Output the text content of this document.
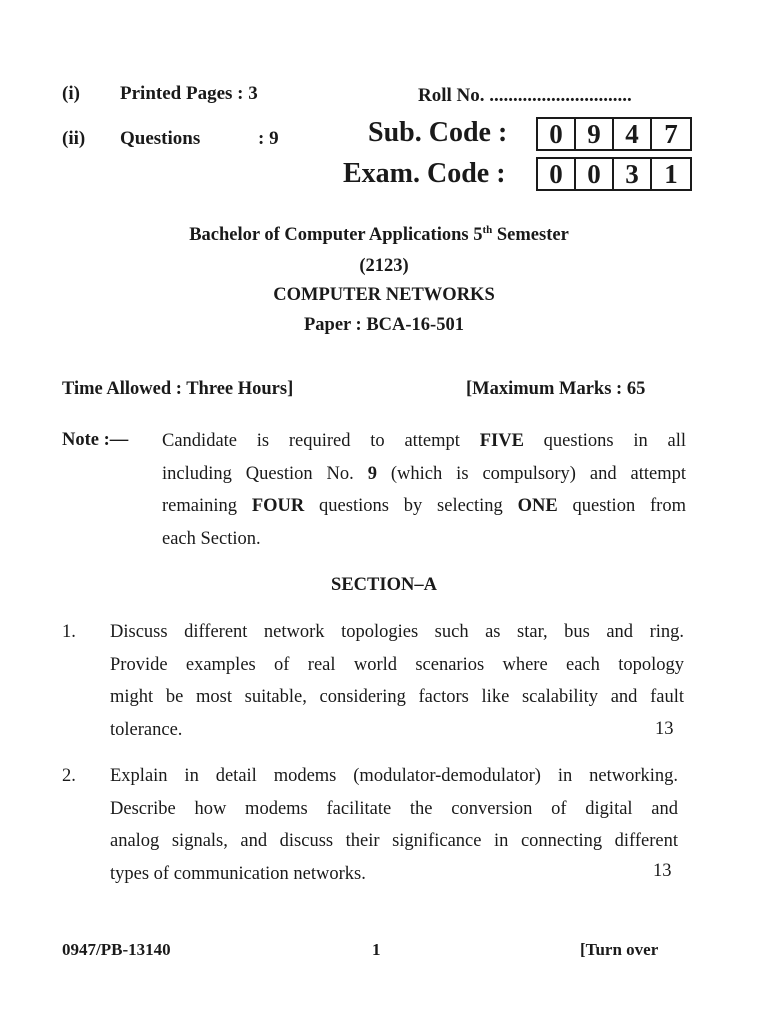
(i) Printed Pages : 3	Roll No. ..............................
(ii) Questions	: 9	Sub. Code :	0 9 4 7
Exam. Code :	0 0 3 1
Bachelor of Computer Applications 5th Semester
(2123)
COMPUTER NETWORKS
Paper : BCA-16-501
Time Allowed : Three Hours]	[Maximum Marks : 65
Note :— Candidate is required to attempt FIVE questions in all
including Question No. 9 (which is compulsory) and attempt
remaining FOUR questions by selecting ONE question from
each Section.
SECTION–A
1. Discuss different network topologies such as star, bus and ring.
Provide examples of real world scenarios where each topology
might be most suitable, considering factors like scalability and fault
tolerance.	13
2. Explain in detail modems (modulator-demodulator) in networking.
Describe how modems facilitate the conversion of digital and
analog signals, and discuss their significance in connecting different
types of communication networks.	13
0947/PB-13140	1	[Turn over
